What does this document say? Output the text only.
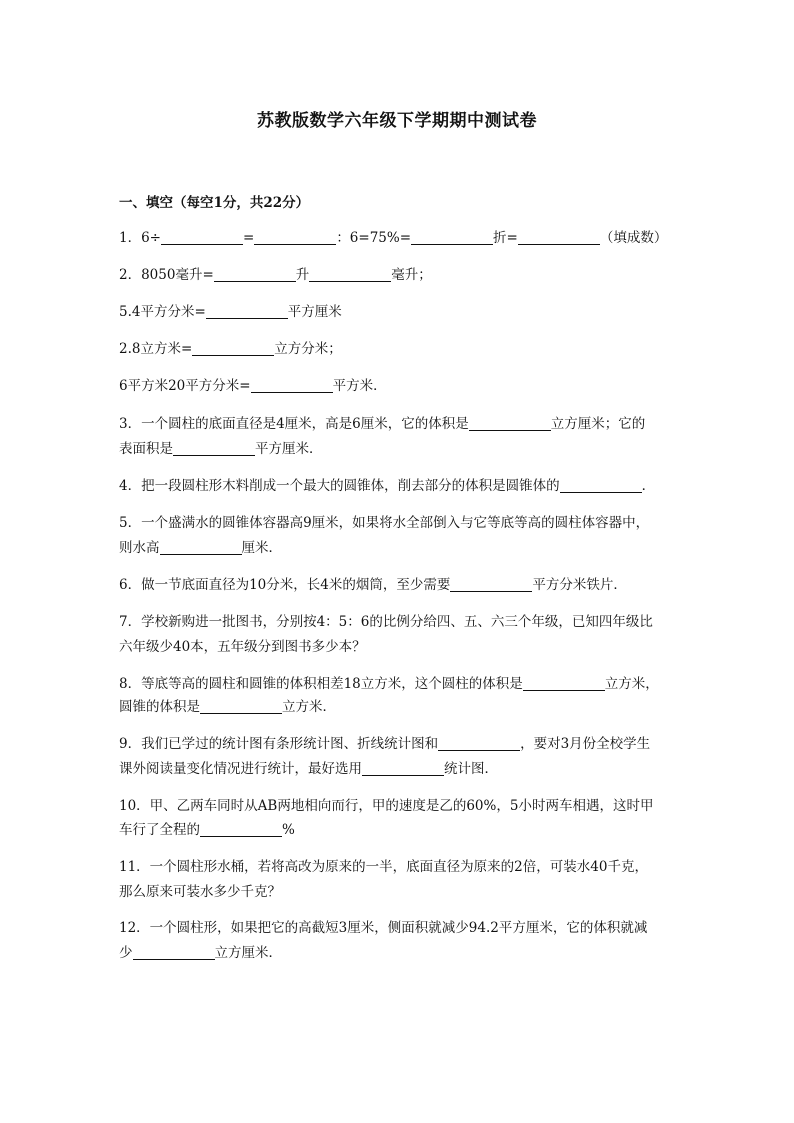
苏教版数学六年级下学期期中测试卷
一、填空（每空1分，共22分）
1．6÷	=	：6=75%=	折=	（填成数）
2．8050毫升=	升	毫升；
5.4平方分米=	平方厘米
2.8立方米=	立方分米；
6平方米20平方分米=	平方米．
3．一个圆柱的底面直径是4厘米，高是6厘米，它的体积是	立方厘米；它的
表面积是	平方厘米．
4．把一段圆柱形木料削成一个最大的圆锥体，削去部分的体积是圆锥体的	．
5．一个盛满水的圆锥体容器高9厘米，如果将水全部倒入与它等底等高的圆柱体容器中，
则水高	厘米．
6．做一节底面直径为10分米，长4米的烟筒，至少需要	平方分米铁片．
7．学校新购进一批图书，分别按4：5：6的比例分给四、五、六三个年级，已知四年级比
六年级少40本，五年级分到图书多少本？
8．等底等高的圆柱和圆锥的体积相差18立方米，这个圆柱的体积是	立方米，
圆锥的体积是	立方米．
9．我们已学过的统计图有条形统计图、折线统计图和	，要对3月份全校学生
课外阅读量变化情况进行统计，最好选用	统计图．
10．甲、乙两车同时从AB两地相向而行，甲的速度是乙的60%，5小时两车相遇，这时甲
车行了全程的	%
11．一个圆柱形水桶，若将高改为原来的一半，底面直径为原来的2倍，可装水40千克，
那么原来可装水多少千克？
12．一个圆柱形，如果把它的高截短3厘米，侧面积就减少94.2平方厘米，它的体积就减
少	立方厘米．
